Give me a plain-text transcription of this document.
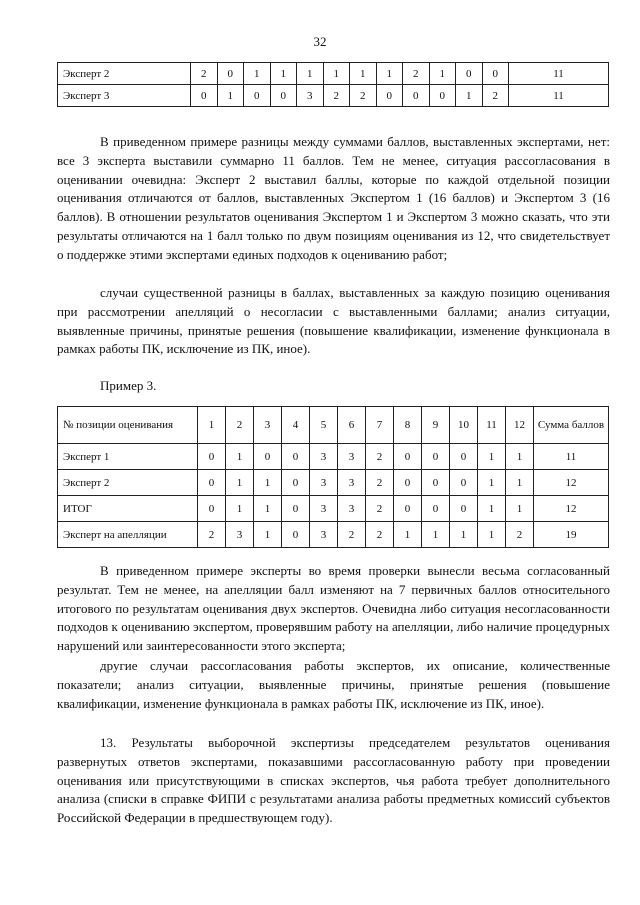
32
Эксперт 2	2	0	1	1	1	1	1	1	2	1	0	0	11
Эксперт 3	0	1	0	0	3	2	2	0	0	0	1	2	11

В приведенном примере разницы между суммами баллов, выставленных экспертами, нет: все 3 эксперта выставили суммарно 11 баллов. Тем не менее, ситуация рассогласования в оценивании очевидна: Эксперт 2 выставил баллы, которые по каждой отдельной позиции оценивания отличаются от баллов, выставленных Экспертом 1 (16 баллов) и Экспертом 3 (16 баллов). В отношении результатов оценивания Экспертом 1 и Экспертом 3 можно сказать, что эти результаты отличаются на 1 балл только по двум позициям оценивания из 12, что свидетельствует о поддержке этими экспертами единых подходов к оцениванию работ;

случаи существенной разницы в баллах, выставленных за каждую позицию оценивания при рассмотрении апелляций о несогласии с выставленными баллами; анализ ситуации, выявленные причины, принятые решения (повышение квалификации, изменение функционала в рамках работы ПК, исключение из ПК, иное).

Пример 3.

№ позиции оценивания	1	2	3	4	5	6	7	8	9	10	11	12	Сумма баллов
Эксперт 1	0	1	0	0	3	3	2	0	0	0	1	1	11
Эксперт 2	0	1	1	0	3	3	2	0	0	0	1	1	12
ИТОГ	0	1	1	0	3	3	2	0	0	0	1	1	12
Эксперт на апелляции	2	3	1	0	3	2	2	1	1	1	1	2	19

В приведенном примере эксперты во время проверки вынесли весьма согласованный результат. Тем не менее, на апелляции балл изменяют на 7 первичных баллов относительного итогового по результатам оценивания двух экспертов. Очевидна либо ситуация несогласованности подходов к оцениванию экспертом, проверявшим работу на апелляции, либо наличие процедурных нарушений или заинтересованности этого эксперта;

другие случаи рассогласования работы экспертов, их описание, количественные показатели; анализ ситуации, выявленные причины, принятые решения (повышение квалификации, изменение функционала в рамках работы ПК, исключение из ПК, иное).

13. Результаты выборочной экспертизы председателем результатов оценивания развернутых ответов экспертами, показавшими рассогласованную работу при проведении оценивания или присутствующими в списках экспертов, чья работа требует дополнительного анализа (списки в справке ФИПИ с результатами анализа работы предметных комиссий субъектов Российской Федерации в предшествующем году).
